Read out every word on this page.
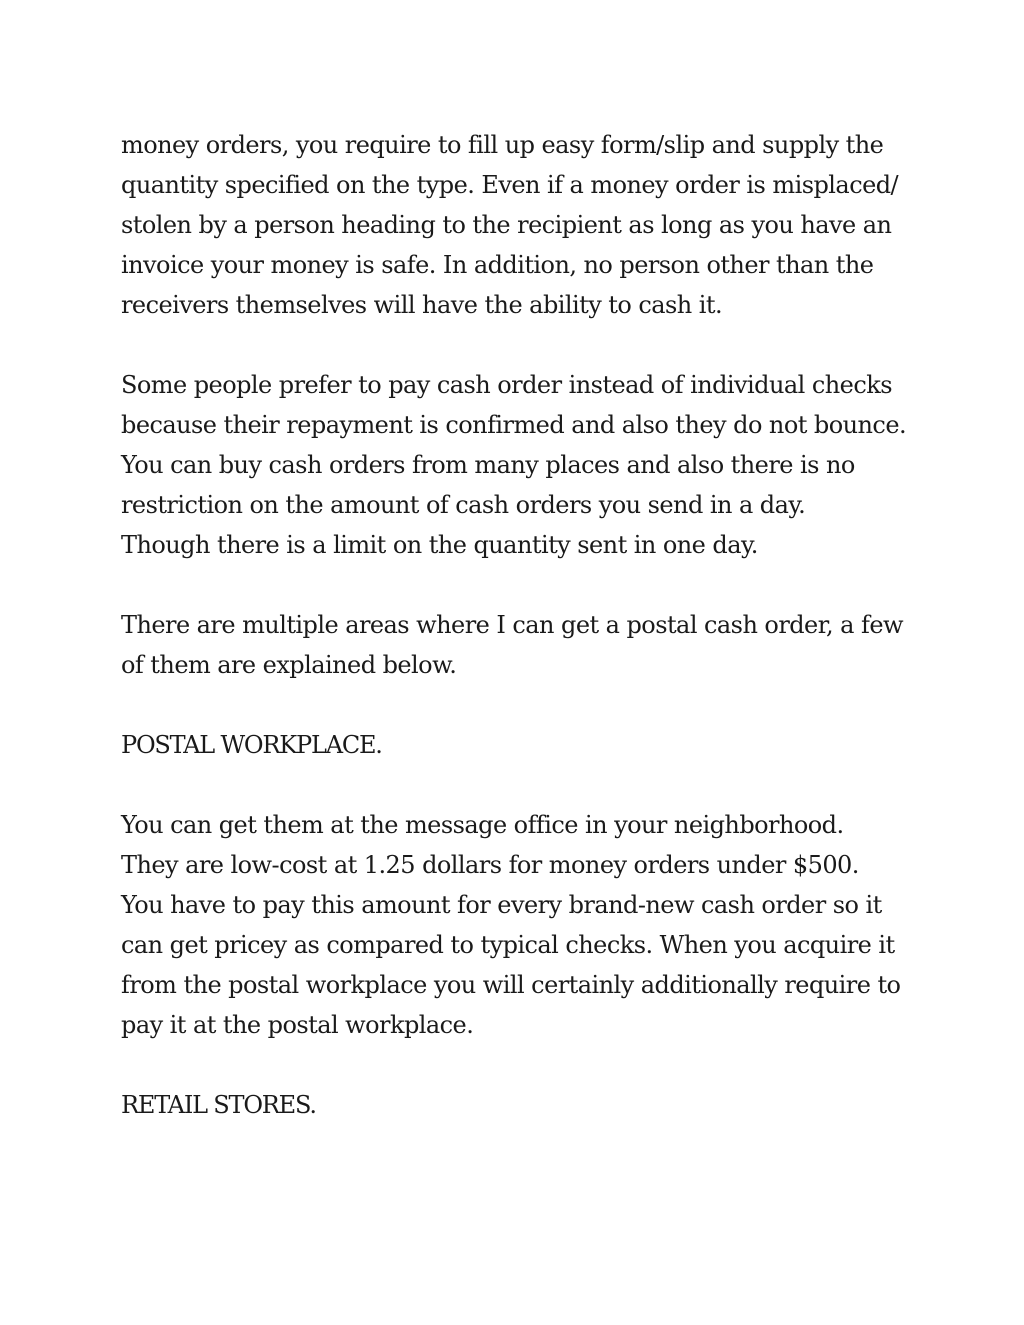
money orders, you require to fill up easy form/slip and supply the
quantity specified on the type. Even if a money order is misplaced/
stolen by a person heading to the recipient as long as you have an
invoice your money is safe. In addition, no person other than the
receivers themselves will have the ability to cash it.
Some people prefer to pay cash order instead of individual checks
because their repayment is confirmed and also they do not bounce.
You can buy cash orders from many places and also there is no
restriction on the amount of cash orders you send in a day.
Though there is a limit on the quantity sent in one day.
There are multiple areas where I can get a postal cash order, a few
of them are explained below.
POSTAL WORKPLACE.
You can get them at the message office in your neighborhood.
They are low-cost at 1.25 dollars for money orders under $500.
You have to pay this amount for every brand-new cash order so it
can get pricey as compared to typical checks. When you acquire it
from the postal workplace you will certainly additionally require to
pay it at the postal workplace.
RETAIL STORES.
